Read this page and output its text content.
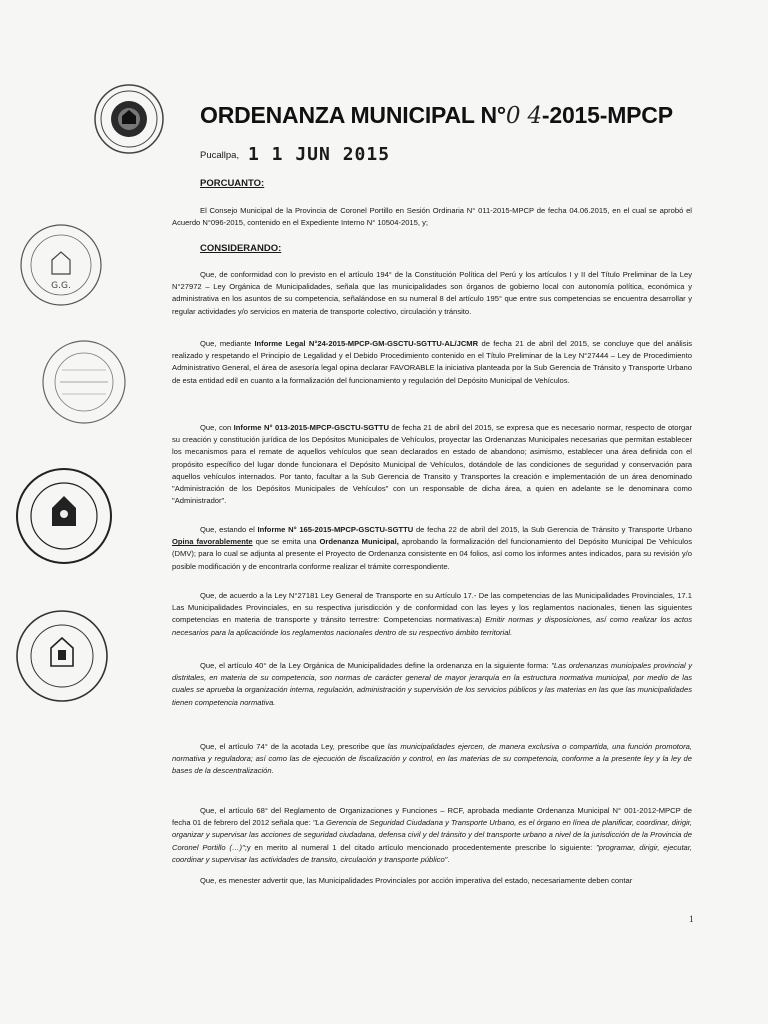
G.G.
ORDENANZA MUNICIPAL N°0 4-2015-MPCP
Pucallpa, 1 1 JUN 2015
PORCUANTO:
El Consejo Municipal de la Provincia de Coronel Portillo en Sesión Ordinaria N° 011-2015-MPCP de fecha 04.06.2015, en el cual se aprobó el Acuerdo N°096-2015, contenido en el Expediente Interno N° 10504-2015, y;
CONSIDERANDO:
Que, de conformidad con lo previsto en el artículo 194° de la Constitución Política del Perú y los artículos I y II del Título Preliminar de la Ley N°27972 – Ley Orgánica de Municipalidades, señala que las municipalidades son órganos de gobierno local con autonomía política, económica y administrativa en los asuntos de su competencia, señalándose en su numeral 8 del artículo 195° que entre sus competencias se encuentra desarrollar y regular actividades y/o servicios en materia de transporte colectivo, circulación y tránsito.
Que, mediante Informe Legal N°24-2015-MPCP-GM-GSCTU-SGTTU-AL/JCMR de fecha 21 de abril del 2015, se concluye que del análisis realizado y respetando el Principio de Legalidad y el Debido Procedimiento contenido en el Título Preliminar de la Ley N°27444 – Ley de Procedimiento Administrativo General, el área de asesoría legal opina declarar FAVORABLE la iniciativa planteada por la Sub Gerencia de Tránsito y Transporte Urbano de esta entidad edil en cuanto a la formalización del funcionamiento y regulación del Depósito Municipal de Vehículos.
Que, con Informe N° 013-2015-MPCP-GSCTU-SGTTU de fecha 21 de abril del 2015, se expresa que es necesario normar, respecto de otorgar su creación y constitución jurídica de los Depósitos Municipales de Vehículos, proyectar las Ordenanzas Municipales necesarias que permitan establecer los mecanismos para el remate de aquellos vehículos que sean declarados en estado de abandono; asimismo, establecer una área definida con el propósito específico del lugar donde funcionara el Depósito Municipal de Vehículos, dotándole de las condiciones de seguridad y conservación para aquellos vehículos internados. Por tanto, facultar a la Sub Gerencia de Transito y Transportes la creación e implementación de un área denominado "Administración de los Depósitos Municipales de Vehículos" con un responsable de dicha área, a quien en adelante se le denominara como "Administrador".
Que, estando el Informe N° 165-2015-MPCP-GSCTU-SGTTU de fecha 22 de abril del 2015, la Sub Gerencia de Tránsito y Transporte Urbano Opina favorablemente que se emita una Ordenanza Municipal, aprobando la formalización del funcionamiento del Depósito Municipal De Vehículos (DMV); para lo cual se adjunta al presente el Proyecto de Ordenanza consistente en 04 folios, así como los informes antes indicados, para su revisión y/o posible modificación y de encontrarla conforme realizar el trámite correspondiente.
Que, de acuerdo a la Ley N°27181 Ley General de Transporte en su Artículo 17.- De las competencias de las Municipalidades Provinciales, 17.1 Las Municipalidades Provinciales, en su respectiva jurisdicción y de conformidad con las leyes y los reglamentos nacionales, tienen las siguientes competencias en materia de transporte y tránsito terrestre: Competencias normativas:a) Emitir normas y disposiciones, así como realizar los actos necesarios para la aplicaciónde los reglamentos nacionales dentro de su respectivo ámbito territorial.
Que, el artículo 40° de la Ley Orgánica de Municipalidades define la ordenanza en la siguiente forma: "Las ordenanzas municipales provincial y distritales, en materia de su competencia, son normas de carácter general de mayor jerarquía en la estructura normativa municipal, por medio de las cuales se aprueba la organización interna, regulación, administración y supervisión de los servicios públicos y las materias en las que las municipalidades tienen competencia normativa.
Que, el artículo 74° de la acotada Ley, prescribe que las municipalidades ejercen, de manera exclusiva o compartida, una función promotora, normativa y reguladora; así como las de ejecución de fiscalización y control, en las materias de su competencia, conforme a la presente ley y la ley de bases de la descentralización.
Que, el artículo 68° del Reglamento de Organizaciones y Funciones – RCF, aprobada mediante Ordenanza Municipal N° 001-2012-MPCP de fecha 01 de febrero del 2012 señala que: "La Gerencia de Seguridad Ciudadana y Transporte Urbano, es el órgano en línea de planificar, coordinar, dirigir, organizar y supervisar las acciones de seguridad ciudadana, defensa civil y del tránsito y del transporte urbano a nivel de la jurisdicción de la Provincia de Coronel Portillo (…)";y en merito al numeral 1 del citado artículo mencionado procedentemente prescribe lo siguiente: "programar, dirigir, ejecutar, coordinar y supervisar las actividades de transito, circulación y transporte público".
Que, es menester advertir que, las Municipalidades Provinciales por acción imperativa del estado, necesariamente deben contar
1
